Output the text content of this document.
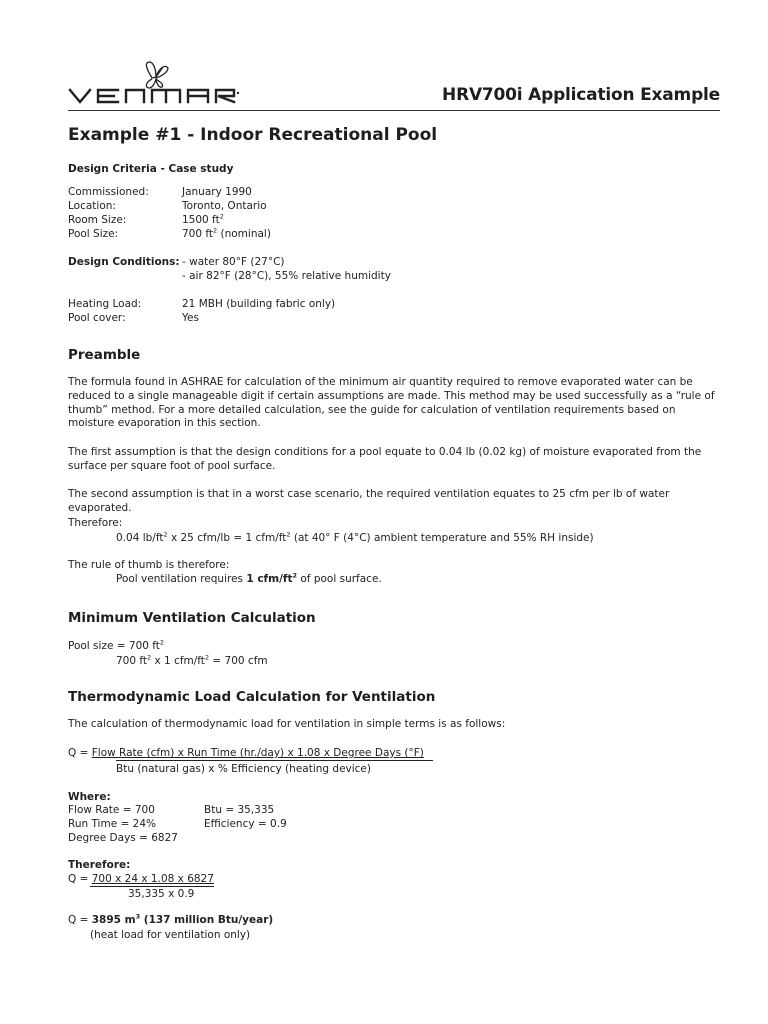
HRV700i Application Example
Example #1 - Indoor Recreational Pool
Design Criteria - Case study
Commissioned:	January 1990
Location:	Toronto, Ontario
Room Size:	1500 $ft^2$
Pool Size:	700 $ft^2$ (nominal)
Design Conditions: - water 80°F (27°C)
- air 82°F (28°C), 55% relative humidity
Heating Load:	21 MBH (building fabric only)
Pool cover:	Yes
Preamble
The formula found in ASHRAE for calculation of the minimum air quantity required to remove evaporated water can be reduced to a single manageable digit if certain assumptions are made. This method may be used successfully as a “rule of thumb” method. For a more detailed calculation, see the guide for calculation of ventilation requirements based on moisture evaporation in this section.
The first assumption is that the design conditions for a pool equate to 0.04 lb (0.02 kg) of moisture evaporated from the surface per square foot of pool surface.
The second assumption is that in a worst case scenario, the required ventilation equates to 25 cfm per lb of water evaporated.
Therefore:
0.04 $lb/ft^2$ x 25 cfm/lb = 1 cfm/$ft^2$ (at 40° F (4°C) ambient temperature and 55% RH inside)
The rule of thumb is therefore:
Pool ventilation requires 1 cfm/$ft^2$ of pool surface.
Minimum Ventilation Calculation
Pool size = 700 $ft^2$
700 $ft^2$ x 1 cfm/$ft^2 = 700$ cfm
Thermodynamic Load Calculation for Ventilation
The calculation of thermodynamic load for ventilation in simple terms is as follows:
Q = Flow Rate (cfm) x Run Time (hr./day) x 1.08 x Degree Days (°F)
Btu (natural gas) x % Efficiency (heating device)
Where:
Flow Rate = 700	Btu = 35,335
Run Time = 24%	Efficiency = 0.9
Degree Days = 6827
Therefore:
Q = 700 x 24 x 1.08 x 6827
35,335 x 0.9
Q = 3895 $m^3$ (137 million Btu/year)
(heat load for ventilation only)
